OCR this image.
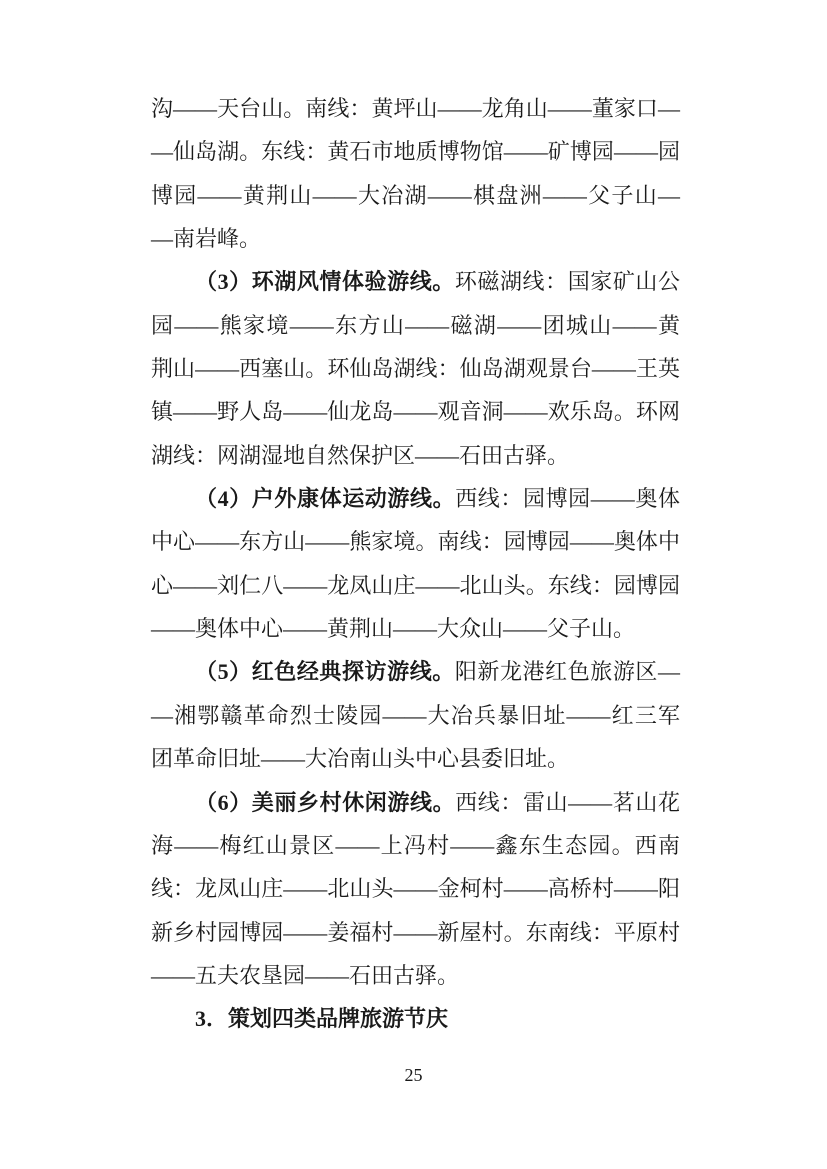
沟——天台山。南线：黄坪山——龙角山——董家口—
—仙岛湖。东线：黄石市地质博物馆——矿博园——园
博园——黄荆山——大冶湖——棋盘洲——父子山—
—南岩峰。
（3）环湖风情体验游线。环磁湖线：国家矿山公
园——熊家境——东方山——磁湖——团城山——黄
荆山——西塞山。环仙岛湖线：仙岛湖观景台——王英
镇——野人岛——仙龙岛——观音洞——欢乐岛。环网
湖线：网湖湿地自然保护区——石田古驿。
（4）户外康体运动游线。西线：园博园——奥体
中心——东方山——熊家境。南线：园博园——奥体中
心——刘仁八——龙凤山庄——北山头。东线：园博园
——奥体中心——黄荆山——大众山——父子山。
（5）红色经典探访游线。阳新龙港红色旅游区—
—湘鄂赣革命烈士陵园——大冶兵暴旧址——红三军
团革命旧址——大冶南山头中心县委旧址。
（6）美丽乡村休闲游线。西线：雷山——茗山花
海——梅红山景区——上冯村——鑫东生态园。西南
线：龙凤山庄——北山头——金柯村——高桥村——阳
新乡村园博园——姜福村——新屋村。东南线：平原村
——五夫农垦园——石田古驿。
3．策划四类品牌旅游节庆
25
